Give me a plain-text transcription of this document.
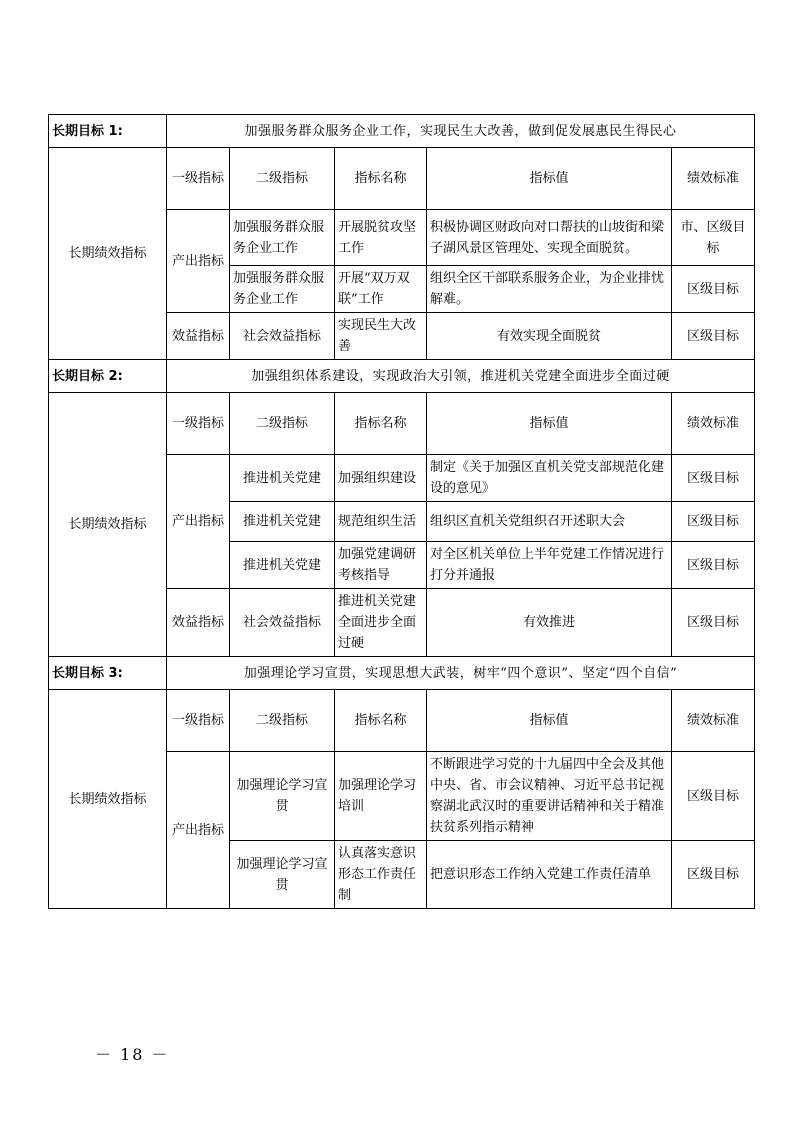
长期目标 1:	加强服务群众服务企业工作，实现民生大改善，做到促发展惠民生得民心				
长期绩效指标	一级指标	二级指标	指标名称	指标值	绩效标准
	产出指标	加强服务群众服务企业工作	开展脱贫攻坚工作	积极协调区财政向对口帮扶的山坡街和梁子湖风景区管理处、实现全面脱贫。	市、区级目标
		加强服务群众服务企业工作	开展“双万双联”工作	组织全区干部联系服务企业，为企业排忧解难。	区级目标
	效益指标	社会效益指标	实现民生大改善	有效实现全面脱贫	区级目标
长期目标 2:	加强组织体系建设，实现政治大引领，推进机关党建全面进步全面过硬				
长期绩效指标	一级指标	二级指标	指标名称	指标值	绩效标准
	产出指标	推进机关党建	加强组织建设	制定《关于加强区直机关党支部规范化建设的意见》	区级目标
		推进机关党建	规范组织生活	组织区直机关党组织召开述职大会	区级目标
		推进机关党建	加强党建调研考核指导	对全区机关单位上半年党建工作情况进行打分并通报	区级目标
	效益指标	社会效益指标	推进机关党建全面进步全面过硬	有效推进	区级目标
长期目标 3:	加强理论学习宣贯，实现思想大武装，树牢“四个意识”、坚定“四个自信”				
长期绩效指标	一级指标	二级指标	指标名称	指标值	绩效标准
	产出指标	加强理论学习宣贯	加强理论学习培训	不断跟进学习党的十九届四中全会及其他中央、省、市会议精神、习近平总书记视察湖北武汉时的重要讲话精神和关于精准扶贫系列指示精神	区级目标
		加强理论学习宣贯	认真落实意识形态工作责任制	把意识形态工作纳入党建工作责任清单	区级目标
－ 18 －
